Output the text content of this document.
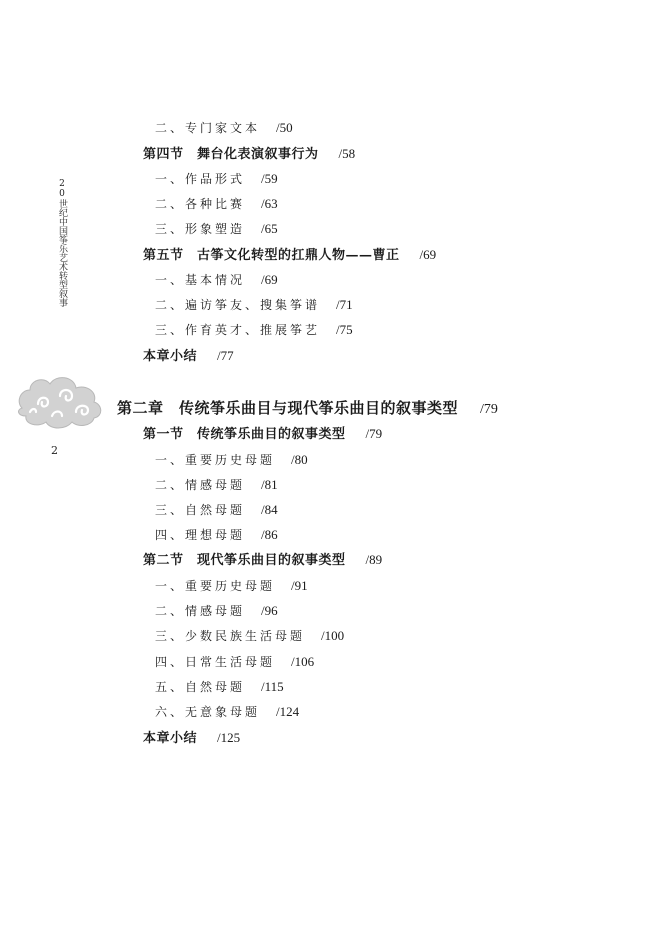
20世纪中国筝乐艺术转型叙事
2
二、专门家文本 /50
第四节　舞台化表演叙事行为 /58
一、作品形式 /59
二、各种比赛 /63
三、形象塑造 /65
第五节　古筝文化转型的扛鼎人物——曹正 /69
一、基本情况 /69
二、遍访筝友、搜集筝谱 /71
三、作育英才、推展筝艺 /75
本章小结 /77
第二章　传统筝乐曲目与现代筝乐曲目的叙事类型 /79
第一节　传统筝乐曲目的叙事类型 /79
一、重要历史母题 /80
二、情感母题 /81
三、自然母题 /84
四、理想母题 /86
第二节　现代筝乐曲目的叙事类型 /89
一、重要历史母题 /91
二、情感母题 /96
三、少数民族生活母题 /100
四、日常生活母题 /106
五、自然母题 /115
六、无意象母题 /124
本章小结 /125
